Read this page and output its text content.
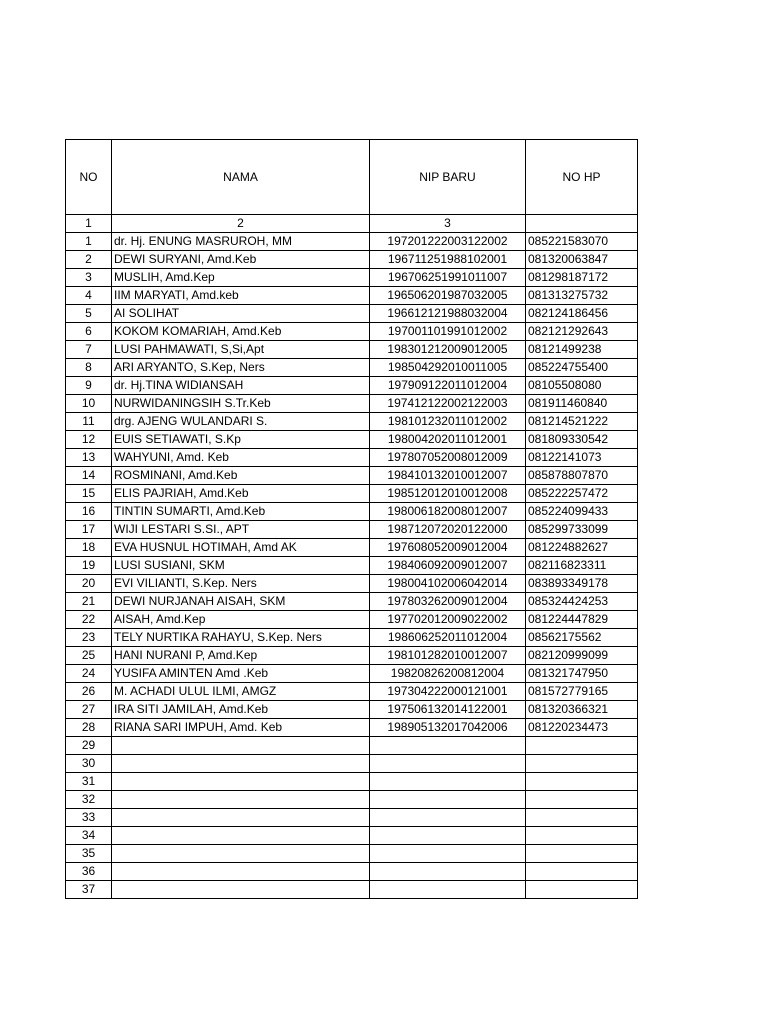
NO	NAMA	NIP BARU	NO HP
1	2	3	
1	dr. Hj. ENUNG MASRUROH, MM	197201222003122002	085221583070
2	DEWI SURYANI, Amd.Keb	196711251988102001	081320063847
3	MUSLIH, Amd.Kep	196706251991011007	081298187172
4	IIM MARYATI, Amd.keb	196506201987032005	081313275732
5	AI SOLIHAT	196612121988032004	082124186456
6	KOKOM KOMARIAH, Amd.Keb	197001101991012002	082121292643
7	LUSI PAHMAWATI, S,Si,Apt	198301212009012005	08121499238
8	ARI ARYANTO, S.Kep, Ners	198504292010011005	085224755400
9	dr. Hj.TINA WIDIANSAH	197909122011012004	08105508080
10	NURWIDANINGSIH S.Tr.Keb	197412122002122003	081911460840
11	drg. AJENG WULANDARI S.	198101232011012002	081214521222
12	EUIS SETIAWATI, S.Kp	198004202011012001	081809330542
13	WAHYUNI, Amd. Keb	197807052008012009	08122141073
14	ROSMINANI, Amd.Keb	198410132010012007	085878807870
15	ELIS PAJRIAH, Amd.Keb	198512012010012008	085222257472
16	TINTIN SUMARTI, Amd.Keb	198006182008012007	085224099433
17	WIJI LESTARI S.SI., APT	198712072020122000	085299733099
18	EVA HUSNUL HOTIMAH, Amd AK	197608052009012004	081224882627
19	LUSI SUSIANI, SKM	198406092009012007	082116823311
20	EVI VILIANTI, S.Kep. Ners	198004102006042014	083893349178
21	DEWI NURJANAH AISAH, SKM	197803262009012004	085324424253
22	AISAH, Amd.Kep	197702012009022002	081224447829
23	TELY NURTIKA RAHAYU, S.Kep. Ners	198606252011012004	08562175562
25	HANI NURANI P, Amd.Kep	198101282010012007	082120999099
24	YUSIFA AMINTEN Amd .Keb	19820826200812004	081321747950
26	M. ACHADI ULUL ILMI, AMGZ	197304222000121001	081572779165
27	IRA SITI JAMILAH, Amd.Keb	197506132014122001	081320366321
28	RIANA SARI IMPUH, Amd. Keb	198905132017042006	081220234473
29			
30			
31			
32			
33			
34			
35			
36			
37			
